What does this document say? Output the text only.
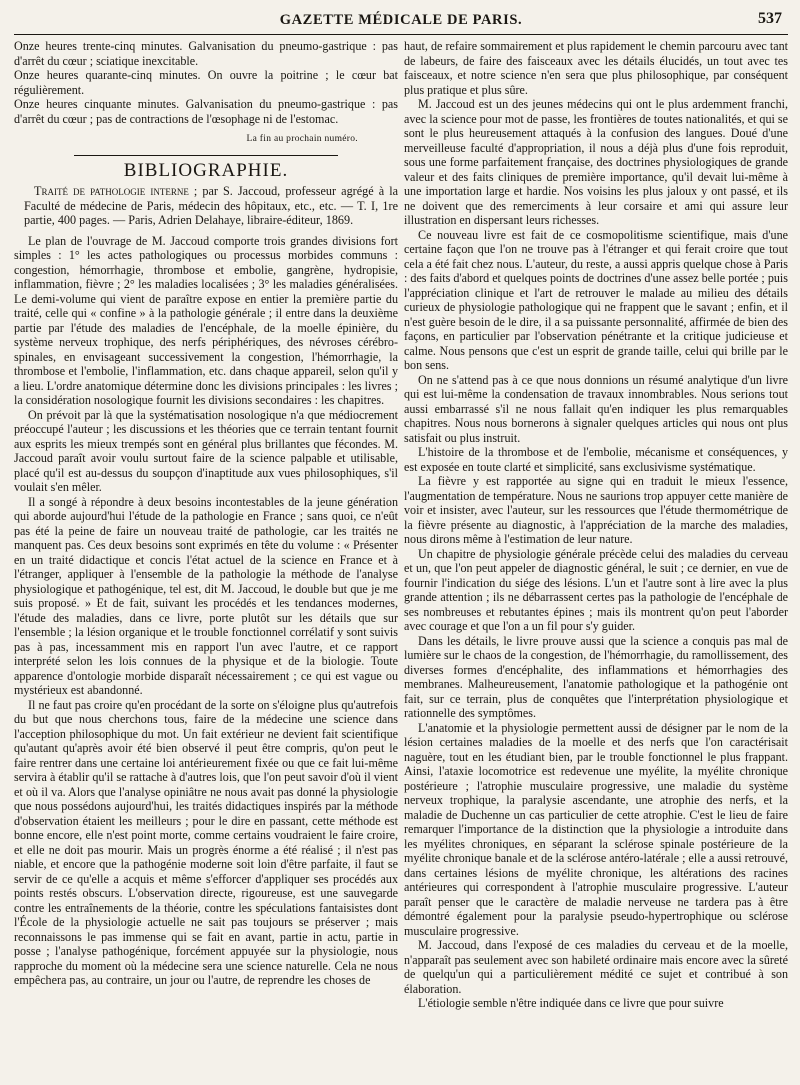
GAZETTE MÉDICALE DE PARIS.	537

Onze heures trente-cinq minutes. Galvanisation du pneumo-gastrique : pas d'arrêt du cœur ; sciatique inexcitable.

Onze heures quarante-cinq minutes. On ouvre la poitrine ; le cœur bat régulièrement.

Onze heures cinquante minutes. Galvanisation du pneumo-gastrique : pas d'arrêt du cœur ; pas de contractions de l'œsophage ni de l'estomac.

La fin au prochain numéro.
BIBLIOGRAPHIE.

Traité de pathologie interne ; par S. Jaccoud, professeur agrégé à la Faculté de médecine de Paris, médecin des hôpitaux, etc., etc. — T. I, 1re partie, 400 pages. — Paris, Adrien Delahaye, libraire-éditeur, 1869.

Le plan de l'ouvrage de M. Jaccoud comporte trois grandes divisions fort simples : 1° les actes pathologiques ou processus morbides communs : congestion, hémorrhagie, thrombose et embolie, gangrène, hydropisie, inflammation, fièvre ; 2° les maladies localisées ; 3° les maladies généralisées. Le demi-volume qui vient de paraître expose en entier la première partie du traité, celle qui « confine » à la pathologie générale ; il entre dans la deuxième partie par l'étude des maladies de l'encéphale, de la moelle épinière, du système nerveux trophique, des nerfs périphériques, des névroses cérébro-spinales, en envisageant successivement la congestion, l'hémorrhagie, la thrombose et l'embolie, l'inflammation, etc. dans chaque appareil, selon qu'il y a lieu. L'ordre anatomique détermine donc les divisions principales : les livres ; la considération nosologique fournit les divisions secondaires : les chapitres.

On prévoit par là que la systématisation nosologique n'a que médiocrement préoccupé l'auteur ; les discussions et les théories que ce terrain tentant fournit aux esprits les mieux trempés sont en général plus brillantes que fécondes. M. Jaccoud paraît avoir voulu surtout faire de la science palpable et utilisable, placé qu'il est au-dessus du soupçon d'inaptitude aux vues philosophiques, s'il voulait s'en mêler.

Il a songé à répondre à deux besoins incontestables de la jeune génération qui aborde aujourd'hui l'étude de la pathologie en France ; sans quoi, ce n'eût pas été la peine de faire un nouveau traité de pathologie, car les traités ne manquent pas. Ces deux besoins sont exprimés en tête du volume : « Présenter en un traité didactique et concis l'état actuel de la science en France et à l'étranger, appliquer à l'ensemble de la pathologie la méthode de l'analyse physiologique et pathogénique, tel est, dit M. Jaccoud, le double but que je me suis proposé. » Et de fait, suivant les procédés et les tendances modernes, l'étude des maladies, dans ce livre, porte plutôt sur les détails que sur l'ensemble ; la lésion organique et le trouble fonctionnel corrélatif y sont suivis pas à pas, incessamment mis en rapport l'un avec l'autre, et ce rapport interprété selon les lois connues de la physique et de la biologie. Toute apparence d'ontologie morbide disparaît nécessairement ; ce qui est vague ou mystérieux est abandonné.

Il ne faut pas croire qu'en procédant de la sorte on s'éloigne plus qu'autrefois du but que nous cherchons tous, faire de la médecine une science dans l'acception philosophique du mot. Un fait extérieur ne devient fait scientifique qu'autant qu'après avoir été bien observé il peut être compris, qu'on peut le faire rentrer dans une certaine loi antérieurement fixée ou que ce fait lui-même servira à établir qu'il se rattache à d'autres lois, que l'on peut savoir d'où il vient et où il va. Alors que l'analyse opiniâtre ne nous avait pas donné la physiologie que nous possédons aujourd'hui, les traités didactiques inspirés par la méthode d'observation étaient les meilleurs ; pour le dire en passant, cette méthode est bonne encore, elle n'est point morte, comme certains voudraient le faire croire, et elle ne doit pas mourir. Mais un progrès énorme a été réalisé ; il n'est pas niable, et encore que la pathogénie moderne soit loin d'être parfaite, il faut se servir de ce qu'elle a acquis et même s'efforcer d'appliquer ses procédés aux points restés obscurs. L'observation directe, rigoureuse, est une sauvegarde contre les entraînements de la théorie, contre les spéculations fantaisistes dont l'École de la physiologie actuelle ne sait pas toujours se préserver ; mais reconnaissons le pas immense qui se fait en avant, partie in actu, partie in posse ; l'analyse pathogénique, forcément appuyée sur la physiologie, nous rapproche du moment où la médecine sera une science naturelle. Cela ne nous empêchera pas, au contraire, un jour ou l'autre, de reprendre les choses de

haut, de refaire sommairement et plus rapidement le chemin parcouru avec tant de labeurs, de faire des faisceaux avec les détails élucidés, un tout avec tes faisceaux, et notre science n'en sera que plus philosophique, par conséquent plus pratique et plus sûre.

M. Jaccoud est un des jeunes médecins qui ont le plus ardemment franchi, avec la science pour mot de passe, les frontières de toutes nationalités, et qui se sont le plus heureusement attaqués à la confusion des langues. Doué d'une merveilleuse faculté d'appropriation, il nous a déjà plus d'une fois reproduit, sous une forme parfaitement française, des doctrines physiologiques de grande valeur et des faits cliniques de première importance, qu'il devait lui-même à une importation large et hardie. Nos voisins les plus jaloux y ont passé, et ils ne doivent que des remerciments à leur corsaire et ami qui assure leur illustration en dispersant leurs richesses.

Ce nouveau livre est fait de ce cosmopolitisme scientifique, mais d'une certaine façon que l'on ne trouve pas à l'étranger et qui ferait croire que tout cela a été fait chez nous. L'auteur, du reste, a aussi appris quelque chose à Paris : des faits d'abord et quelques points de doctrines d'une assez belle portée ; puis l'appréciation clinique et l'art de retrouver le malade au milieu des détails curieux de physiologie pathologique qui ne frappent que le savant ; enfin, et il n'est guère besoin de le dire, il a sa puissante personnalité, affirmée de bien des façons, en particulier par l'observation pénétrante et la critique judicieuse et calme. Nous pensons que c'est un esprit de grande taille, celui qui brille par le bon sens.

On ne s'attend pas à ce que nous donnions un résumé analytique d'un livre qui est lui-même la condensation de travaux innombrables. Nous serions tout aussi embarrassé s'il ne nous fallait qu'en indiquer les plus remarquables chapitres. Nous nous bornerons à signaler quelques articles qui nous ont plus satisfait ou plus instruit.

L'histoire de la thrombose et de l'embolie, mécanisme et conséquences, y est exposée en toute clarté et simplicité, sans exclusivisme systématique.

La fièvre y est rapportée au signe qui en traduit le mieux l'essence, l'augmentation de température. Nous ne saurions trop appuyer cette manière de voir et insister, avec l'auteur, sur les ressources que l'étude thermométrique de la fièvre présente au diagnostic, à l'appréciation de la marche des maladies, nous dirons même à l'estimation de leur nature.

Un chapitre de physiologie générale précède celui des maladies du cerveau et un, que l'on peut appeler de diagnostic général, le suit ; ce dernier, en vue de fournir l'indication du siége des lésions. L'un et l'autre sont à lire avec la plus grande attention ; ils ne débarrassent certes pas la pathologie de l'encéphale de ses nombreuses et rebutantes épines ; mais ils montrent qu'on peut l'aborder avec courage et que l'on a un fil pour s'y guider.

Dans les détails, le livre prouve aussi que la science a conquis pas mal de lumière sur le chaos de la congestion, de l'hémorrhagie, du ramollissement, des diverses formes d'encéphalite, des inflammations et hémorrhagies des membranes. Malheureusement, l'anatomie pathologique et la pathogénie ont fait, sur ce terrain, plus de conquêtes que l'interprétation physiologique et rationnelle des symptômes.

L'anatomie et la physiologie permettent aussi de désigner par le nom de la lésion certaines maladies de la moelle et des nerfs que l'on caractérisait naguère, tout en les étudiant bien, par le trouble fonctionnel le plus frappant. Ainsi, l'ataxie locomotrice est redevenue une myélite, la myélite chronique postérieure ; l'atrophie musculaire progressive, une maladie du système nerveux trophique, la paralysie ascendante, une atrophie des nerfs, et la maladie de Duchenne un cas particulier de cette atrophie. C'est le lieu de faire remarquer l'importance de la distinction que la physiologie a introduite dans les myélites chroniques, en séparant la sclérose spinale postérieure de la myélite chronique banale et de la sclérose antéro-latérale ; elle a aussi retrouvé, dans certaines lésions de myélite chronique, les altérations des racines antérieures qui correspondent à l'atrophie musculaire progressive. L'auteur paraît penser que le caractère de maladie nerveuse ne tardera pas à être démontré également pour la paralysie pseudo-hypertrophique ou sclérose musculaire progressive.

M. Jaccoud, dans l'exposé de ces maladies du cerveau et de la moelle, n'apparaît pas seulement avec son habileté ordinaire mais encore avec la sûreté de quelqu'un qui a particulièrement médité ce sujet et contribué à son élaboration.

L'étiologie semble n'être indiquée dans ce livre que pour suivre
